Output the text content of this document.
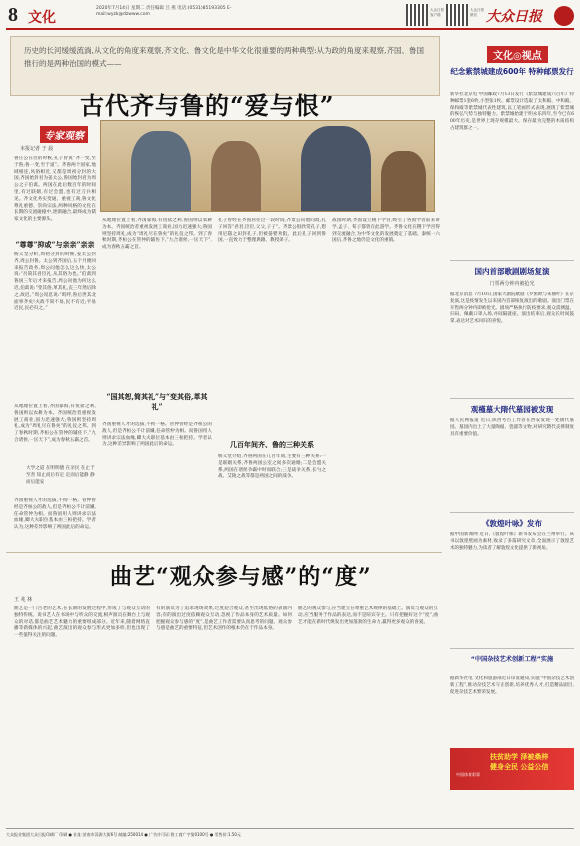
8 文化
2020年7月14日 星期二 责任编辑 吕 燕 电话:(0531)85193305 E-mail:wyzk@dzwww.com
大众日报 客户端
大众日报 微信 大众日报
历史的长河缓缓流淌,从文化的角度来观察,齐文化、鲁文化是中华文化很重要的两种典型:从为政的角度来观察,齐国、鲁国推行的是两种治国的模式——
古代齐与鲁的“爱与恨”
专家观察
本报记者 于 晨
鲁庄公在位的时候,孔子曾说“齐一变,至于鲁;鲁一变,至于道”。齐鲁两个国家,地域相连,风俗相近,又都是周初分封的大国,齐国始封君为姜太公,鲁国始封君为周公之子伯禽。两国在此后数百年的时间里,有过联姻,有过会盟,也有过刀兵相见。齐文化务实变通、重视工商,鲁文化尊礼重德、崇尚宗法,两种风格的文化在长期的交流碰撞中,逐渐融合,最终成为儒家文化的主要源头。
“尊尊”抑或“与亲亲”亲亲
杨义堂分析,周初分封的时候,姜太公封齐,周公封鲁。太公到齐国后,五个月便回来报告政务,周公问他怎么这么快,太公说:“吾简其君臣礼,从其俗为也。”伯禽到鲁国三年后才来报告,周公问他为何这么迟,伯禽说:“变其俗,革其礼,丧三年然后除之,故迟。”周公叹息说:“呜呼,鲁后世其北面事齐矣!夫政不简不易,民不有近;平易近民,民必归之。”
从地理位置上看,齐国靠海,有鱼盐之利,鲁国则以农耕为本。齐国统治者重视发展工商业,国力迅速强大;鲁国则坚持周礼,成为“周礼尽在鲁矣”的礼仪之邦。到了春秋时期,齐桓公在管仲的辅佐下,“九合诸侯,一匡天下”,成为春秋五霸之首。
大学之道 在明明德 在亲民 在止于至善 知止而后有定 定而后能静 静而后能安
齐国重视人才的选拔,不拘一格。管仲曾经是齐桓公的敌人,但是齐桓公不计前嫌,任命管仲为相。而鲁国用人则讲求宗法血缘,卿大夫职位基本由三桓把持。学者认为,这种差异影响了两国此后的命运。
从地理位置上看,齐国靠海,有鱼盐之利,鲁国则以农耕为本。齐国统治者重视发展工商业,国力迅速强大;鲁国则坚持周礼,成为“周礼尽在鲁矣”的礼仪之邦。到了春秋时期,齐桓公在管仲的辅佐下,“九合诸侯,一匡天下”,成为春秋五霸之首。
“国其恕,简其礼”与“变其俗,革其礼”
齐国重视人才的选拔,不拘一格。管仲曾经是齐桓公的敌人,但是齐桓公不计前嫌,任命管仲为相。而鲁国用人则讲求宗法血缘,卿大夫职位基本由三桓把持。学者认为,这种差异影响了两国此后的命运。
孔子曾经在齐国居住过一段时间,齐景公向他问政,孔子回答“君君,臣臣,父父,子子”。齐景公很欣赏孔子,想用尼谿之田封孔子,但被晏婴劝阻。此后孔子回到鲁国,一直致力于整理典籍、教授弟子。
几百年间齐、鲁的三种关系
杨义堂介绍,齐鲁两国在几百年间,主要有三种关系:一是联姻关系,齐鲁两国公室之间多次通婚;二是会盟关系,两国在诸侯争霸中时而联合;三是战争关系,长勺之战、艾陵之战等都是两国之间的战争。
战国时期,齐国设立稷下学宫,吸引了各国学者前来讲学,孟子、荀子都曾在此游学。齐鲁文化在稷下学宫得到交流融合,为中华文化的发展奠定了基础。秦统一六国后,齐鲁之地仍是文化的重镇。
曲艺“观众参与感”的“度”
王 兆 林
曲艺是一门古老的艺术,在长期的发展过程中,形成了与观众互动的独特传统。说书艺人在书场中与听众的交流,相声演员在舞台上与观众的对话,都是曲艺艺术魅力的重要组成部分。近年来,随着网络直播等新媒体的兴起,曲艺演出的观众参与形式更加多样,但也出现了一些值得关注的问题。
有的演员为了追求现场效果,过度迎合观众,甚至出现低俗的表演内容;有的演出过度依赖观众互动,忽视了作品本身的艺术质量。如何把握观众参与感的“度”,是曲艺工作者需要认真思考的问题。观众参与感是曲艺的重要特征,但艺术创作的根本仍在于作品本身。
曲艺的观众参与,应当建立在尊重艺术规律的基础上。演员与观众的互动,应当服务于作品的表达,而不是喧宾夺主。只有把握好这个“度”,曲艺才能在新时代焕发出更加蓬勃的生命力,赢得更多观众的喜爱。
文化◎视点
纪念紫禁城建成600年 特种邮票发行
新华社北京电 中国邮政7月13日发行《紫禁城建成六百年》特种邮票1套6枚,小型张1枚。邮票设计选取了太和殿、中和殿、保和殿等紫禁城代表性建筑,以工笔画形式表现,展现了紫禁城的恢弘气势与独特魅力。紫禁城始建于明永乐四年,至今已有600年历史,是世界上现存规模最大、保存最为完整的木质结构古建筑群之一。
国内首部歌剧剧场复演
门票两分钟内被抢光
据北京消息 7月10日,国家大剧院歌剧《罗密欧与朱丽叶》在京复演,这是疫情发生以来国内首部恢复演出的歌剧。演出门票在开售两分钟内即被抢光。剧场严格执行防疫要求,观众需测温、扫码、佩戴口罩入场,并间隔就座。演出结束后,观众长时间鼓掌,表达对艺术回归的喜悦。
观槿墓大隋代墓园被发现
据人民网报道 近日,陕西考古工作者在西安发现一处隋代墓园。墓园内出土了大量陶俑、瓷器等文物,对研究隋代丧葬制度具有重要价值。
《敦煌叶咏》发布
据中国新闻网 近日,《敦煌叶咏》新书发布会在兰州举行。该书以敦煌壁画为素材,收录了多篇研究文章,全面展示了敦煌艺术的独特魅力,为读者了解敦煌文化提供了新视角。
“中国杂技艺术创新工程”实施
据新华社电 文化和旅游部近日印发通知,实施“中国杂技艺术创新工程”,推动杂技艺术守正创新,培养优秀人才,打造精品剧目,促进杂技艺术繁荣发展。
扶贫助学 泽被桑梓
健身全民 公益公信
中国体育彩票
大众报业集团大众日报印刷厂 印刷 ● 社址:济南市泺源大街6号 邮编:250014 ● 广告许可证:鲁工商广字第0100号 ● 零售价:1.50元
